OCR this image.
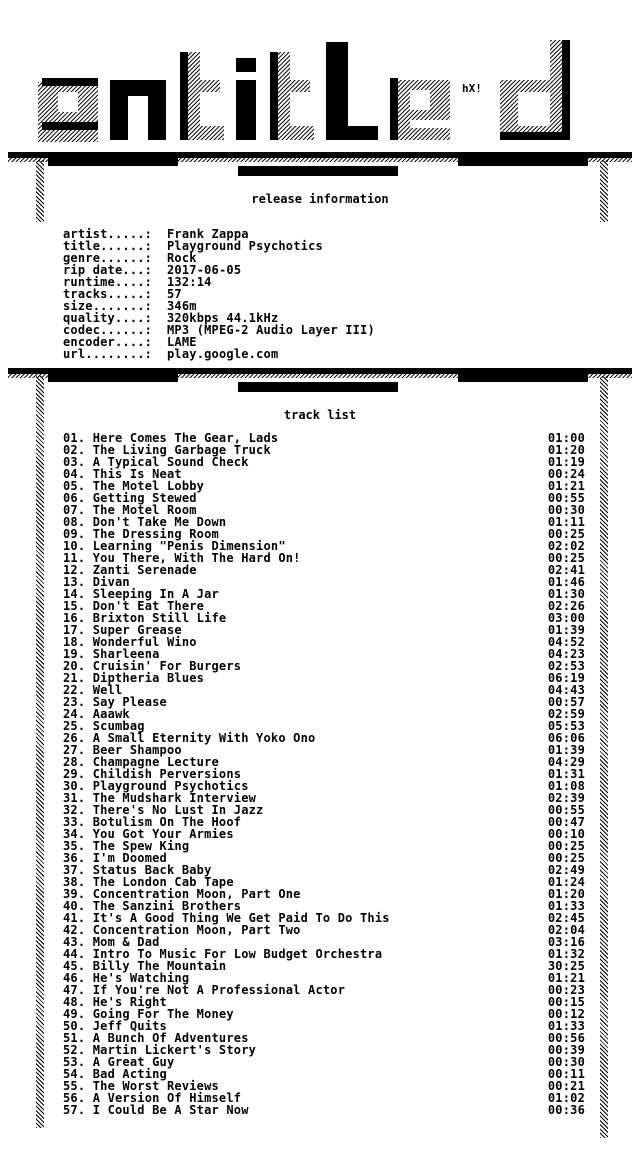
hX!
release information
artist.....:	Frank Zappa
title......:	Playground Psychotics
genre......:	Rock
rip date...:	2017-06-05
runtime....:	132:14
tracks.....:	57
size.......:	346m
quality....:	320kbps 44.1kHz
codec......:	MP3 (MPEG-2 Audio Layer III)
encoder....:	LAME
url........:	play.google.com
track list
01. Here Comes The Gear, Lads	01:00
02. The Living Garbage Truck	01:20
03. A Typical Sound Check	01:19
04. This Is Neat	00:24
05. The Motel Lobby	01:21
06. Getting Stewed	00:55
07. The Motel Room	00:30
08. Don't Take Me Down	01:11
09. The Dressing Room	00:25
10. Learning "Penis Dimension"	02:02
11. You There, With The Hard On!	00:25
12. Zanti Serenade	02:41
13. Divan	01:46
14. Sleeping In A Jar	01:30
15. Don't Eat There	02:26
16. Brixton Still Life	03:00
17. Super Grease	01:39
18. Wonderful Wino	04:52
19. Sharleena	04:23
20. Cruisin' For Burgers	02:53
21. Diptheria Blues	06:19
22. Well	04:43
23. Say Please	00:57
24. Aaawk	02:59
25. Scumbag	05:53
26. A Small Eternity With Yoko Ono	06:06
27. Beer Shampoo	01:39
28. Champagne Lecture	04:29
29. Childish Perversions	01:31
30. Playground Psychotics	01:08
31. The Mudshark Interview	02:39
32. There's No Lust In Jazz	00:55
33. Botulism On The Hoof	00:47
34. You Got Your Armies	00:10
35. The Spew King	00:25
36. I'm Doomed	00:25
37. Status Back Baby	02:49
38. The London Cab Tape	01:24
39. Concentration Moon, Part One	01:20
40. The Sanzini Brothers	01:33
41. It's A Good Thing We Get Paid To Do This	02:45
42. Concentration Moon, Part Two	02:04
43. Mom & Dad	03:16
44. Intro To Music For Low Budget Orchestra	01:32
45. Billy The Mountain	30:25
46. He's Watching	01:21
47. If You're Not A Professional Actor	00:23
48. He's Right	00:15
49. Going For The Money	00:12
50. Jeff Quits	01:33
51. A Bunch Of Adventures	00:56
52. Martin Lickert's Story	00:39
53. A Great Guy	00:30
54. Bad Acting	00:11
55. The Worst Reviews	00:21
56. A Version Of Himself	01:02
57. I Could Be A Star Now	00:36
